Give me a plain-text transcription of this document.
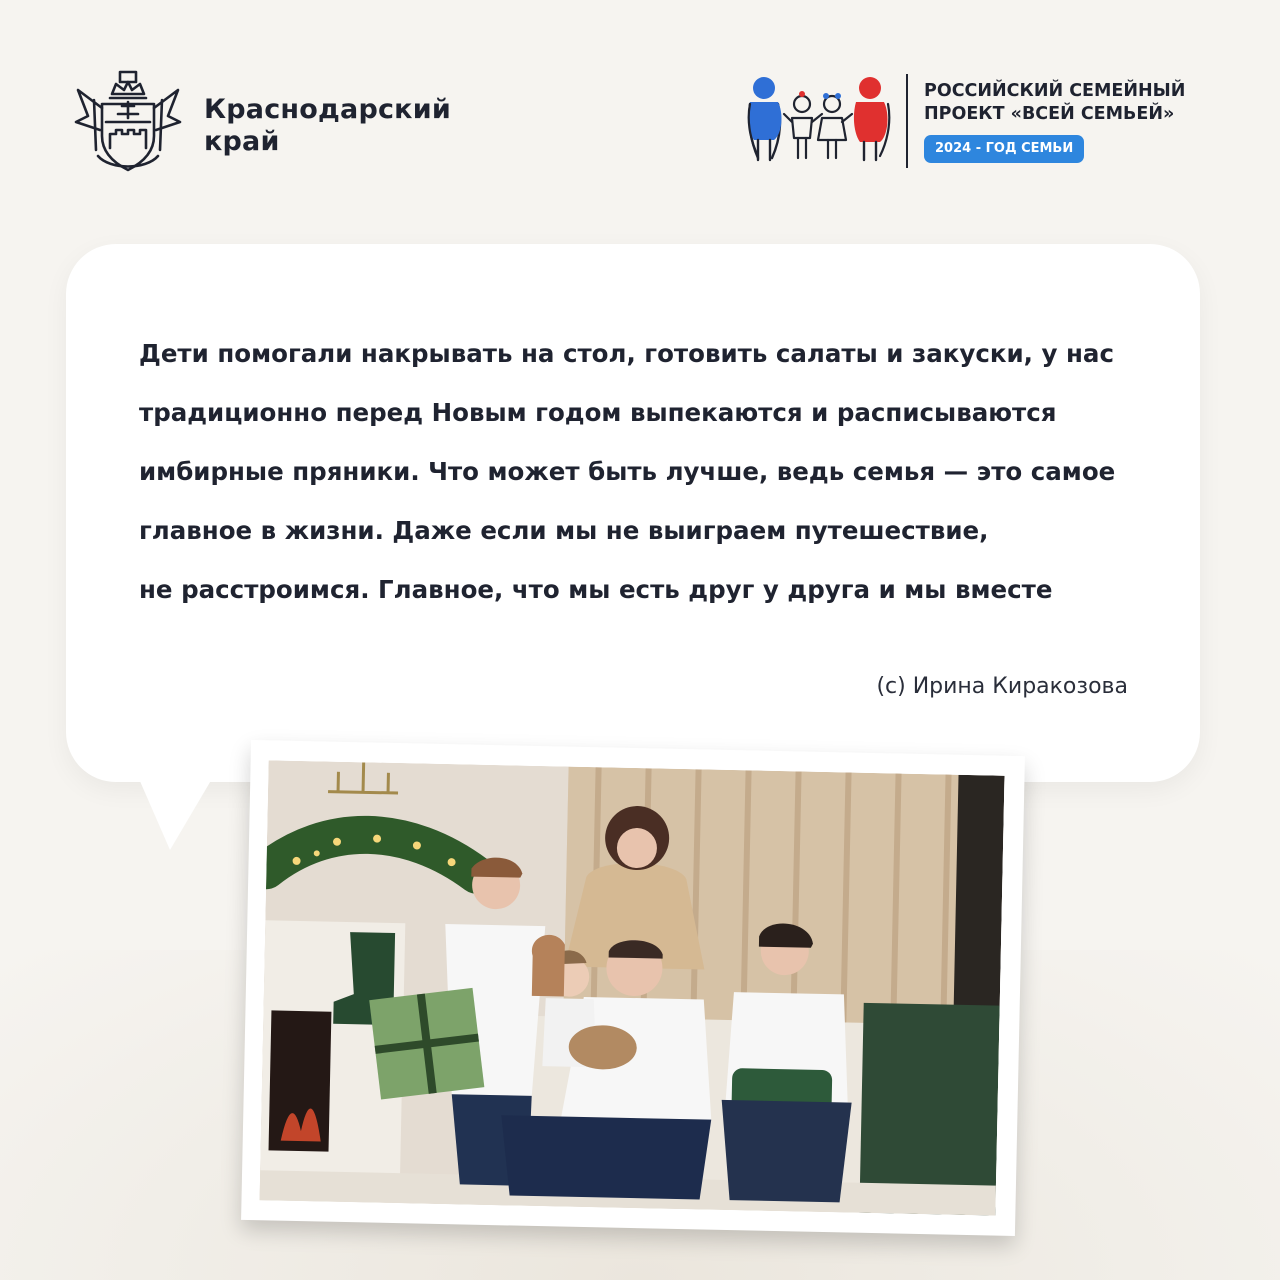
Краснодарский
край
РОССИЙСКИЙ СЕМЕЙНЫЙ
ПРОЕКТ «ВСЕЙ СЕМЬЕЙ»
2024 - ГОД СЕМЬИ
Дети помогали накрывать на стол, готовить салаты и закуски, у нас
традиционно перед Новым годом выпекаются и расписываются
имбирные пряники. Что может быть лучше, ведь семья — это самое
главное в жизни. Даже если мы не выиграем путешествие,
не расстроимся. Главное, что мы есть друг у друга и мы вместе
(с) Ирина Киракозова
